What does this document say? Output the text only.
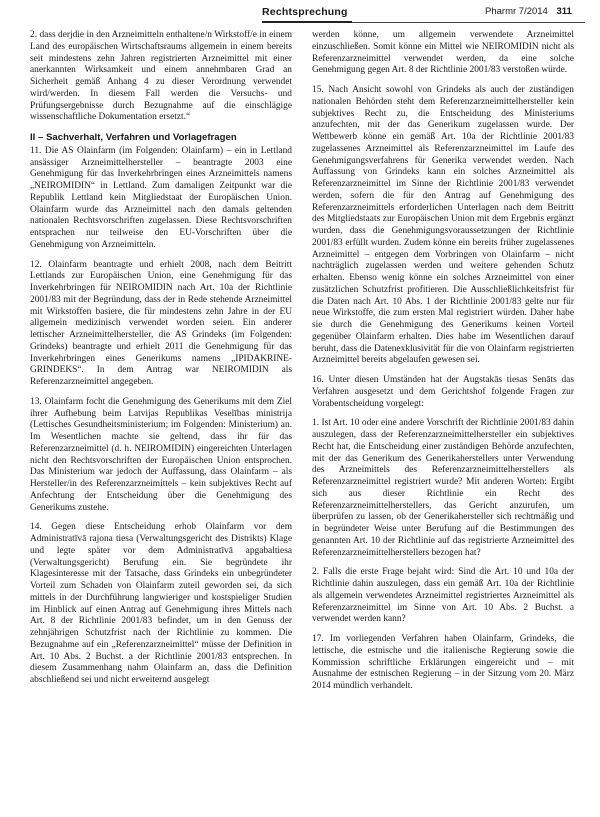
Rechtsprechung	Pharmr 7/2014 311

2. dass derjdie in den Arzneimitteln enthaltene/n Wirkstoff/e in einem Land des europäischen Wirtschaftsraums allgemein in einem bereits seit mindestens zehn Jahren registrierten Arzneimittel mit einer anerkannten Wirksamkeit und einem annehmbaren Grad an Sicherheit gemäß Anhang 4 zu dieser Verordnung verwendet wird/werden. In diesem Fall werden die Versuchs- und Prüfungsergebnisse durch Bezugnahme auf die einschlägige wissenschaftliche Dokumentation ersetzt.“

II – Sachverhalt, Verfahren und Vorlagefragen

11. Die AS Olainfarm (im Folgenden: Olainfarm) – ein in Lettland ansässiger Arzneimittelhersteller – beantragte 2003 eine Genehmigung für das Inverkehrbringen eines Arzneimittels namens „NEIROMIDIN“ in Lettland. Zum damaligen Zeitpunkt war die Republik Lettland kein Mitgliedstaat der Europäischen Union. Olainfarm wurde das Arzneimittel nach den damals geltenden nationalen Rechtsvorschriften zugelassen. Diese Rechtsvorschriften entsprachen nur teilweise den EU-Vorschriften über die Genehmigung von Arzneimitteln.

12. Olainfarm beantragte und erhielt 2008, nach dem Beitritt Lettlands zur Europäischen Union, eine Genehmigung für das Inverkehrbringen für NEIROMIDIN nach Art. 10a der Richtlinie 2001/83 mit der Begründung, dass der in Rede stehende Arzneimittel mit Wirkstoffen basiere, die für mindestens zehn Jahre in der EU allgemein medizinisch verwendet worden seien. Ein anderer lettischer Arzneimittelhersteller, die AS Grindeks (im Folgenden: Grindeks) beantragte und erhielt 2011 die Genehmigung für das Inverkehrbringen eines Generikums namens „IPIDAKRINE-GRINDEKS“. In dem Antrag war NEIROMIDIN als Referenzarzneimittel angegeben.

13. Olainfarm focht die Genehmigung des Generikums mit dem Ziel ihrer Aufhebung beim Latvijas Republikas Veselības ministrija (Lettisches Gesundheitsministerium; im Folgenden: Ministerium) an. Im Wesentlichen machte sie geltend, dass ihr für das Referenzarzneimittel (d. h. NEIROMIDIN) eingereichten Unterlagen nicht den Rechtsvorschriften der Europäischen Union entsprochen. Das Ministerium war jedoch der Auffassung, dass Olainfarm – als Hersteller/in des Referenzarzneimittels – kein subjektives Recht auf Anfechtung der Entscheidung über die Genehmigung des Generikums zustehe.

14. Gegen diese Entscheidung erhob Olainfarm vor dem Administratīvā rajona tiesa (Verwaltungsgericht des Distrikts) Klage und legte später vor dem Administratīvā apgabaltiesa (Verwaltungsgericht) Berufung ein. Sie begründete ihr Klagesinteresse mit der Tatsache, dass Grindeks ein unbegründeter Vorteil zum Schaden von Olainfarm zuteil geworden sei, da sich mittels in der Durchführung langwieriger und kostspieliger Studien im Hinblick auf einen Antrag auf Genehmigung ihres Mittels nach Art. 8 der Richtlinie 2001/83 befindet, um in den Genuss der zehnjährigen Schutzfrist nach der Richtlinie zu kommen. Die Bezugnahme auf ein „Referenzarzneimittel“ müsse der Definition in Art. 10 Abs. 2 Buchst. a der Richtlinie 2001/83 entsprechen. In diesem Zusammenhang nahm Olainfarm an, dass die Definition abschließend sei und nicht erweiternd ausgelegt

werden könne, um allgemein verwendete Arzneimittel einzuschließen. Somit könne ein Mittel wie NEIROMIDIN nicht als Referenzarzneimittel verwendet werden, da eine solche Genehmigung gegen Art. 8 der Richtlinie 2001/83 verstoßen würde.

15. Nach Ansicht sowohl von Grindeks als auch der zuständigen nationalen Behörden steht dem Referenzarzneimittelhersteller kein subjektives Recht zu, die Entscheidung des Ministeriums anzufechten, mit der das Generikum zugelassen wurde. Der Wettbewerb könne ein gemäß Art. 10a der Richtlinie 2001/83 zugelassenes Arzneimittel als Referenzarzneimittel im Laufe des Genehmigungsverfahrens für Generika verwendet werden. Nach Auffassung von Grindeks kann ein solches Arzneimittel als Referenzarzneimittel im Sinne der Richtlinie 2001/83 verwendet werden, sofern die für den Antrag auf Genehmigung des Referenzarzneimittels erforderlichen Unterlagen nach dem Beitritt des Mitgliedstaats zur Europäischen Union mit dem Ergebnis ergänzt wurden, dass die Genehmigungsvoraussetzungen der Richtlinie 2001/83 erfüllt wurden. Zudem könne ein bereits früher zugelassenes Arzneimittel – entgegen dem Vorbringen von Olainfarm – nicht nachträglich zugelassen werden und weitere gehenden Schutz erhalten. Ebenso wenig könne ein solches Arzneimittel von einer zusätzlichen Schutzfrist profitieren. Die Ausschließlichkeitsfrist für die Daten nach Art. 10 Abs. 1 der Richtlinie 2001/83 gelte nur für neue Wirkstoffe, die zum ersten Mal registriert würden. Daher habe sie durch die Genehmigung des Generikums keinen Vorteil gegenüber Olainfarm erhalten. Dies habe im Wesentlichen darauf beruht, dass die Datenexklusivität für die von Olainfarm registrierten Arzneimittel bereits abgelaufen gewesen sei.

16. Unter diesen Umständen hat der Augstakās tiesas Senāts das Verfahren ausgesetzt und dem Gerichtshof folgende Fragen zur Vorabentscheidung vorgelegt:

1. Ist Art. 10 oder eine andere Vorschrift der Richtlinie 2001/83 dahin auszulegen, dass der Referenzarzneimittelhersteller ein subjektives Recht hat, die Entscheidung einer zuständigen Behörde anzufechten, mit der das Generikum des Generikaherstellers unter Verwendung des Arzneimittels des Referenzarzneimittelherstellers als Referenzarzneimittel registriert wurde? Mit anderen Worten: Ergibt sich aus dieser Richtlinie ein Recht des Referenzarzneimittelherstellers, das Gericht anzurufen, um überprüfen zu lassen, ob der Generikahersteller sich rechtmäßig und in begründeter Weise unter Berufung auf die Bestimmungen des genannten Art. 10 der Richtlinie auf das registrierte Arzneimittel des Referenzarzneimittelherstellers bezogen hat?

2. Falls die erste Frage bejaht wird: Sind die Art. 10 und 10a der Richtlinie dahin auszulegen, dass ein gemäß Art. 10a der Richtlinie als allgemein verwendetes Arzneimittel registriertes Arzneimittel als Referenzarzneimittel im Sinne von Art. 10 Abs. 2 Buchst. a verwendet werden kann?

17. Im vorliegenden Verfahren haben Olainfarm, Grindeks, die lettische, die estnische und die italienische Regierung sowie die Kommission schriftliche Erklärungen eingereicht und – mit Ausnahme der estnischen Regierung – in der Sitzung vom 20. März 2014 mündlich verhandelt.
